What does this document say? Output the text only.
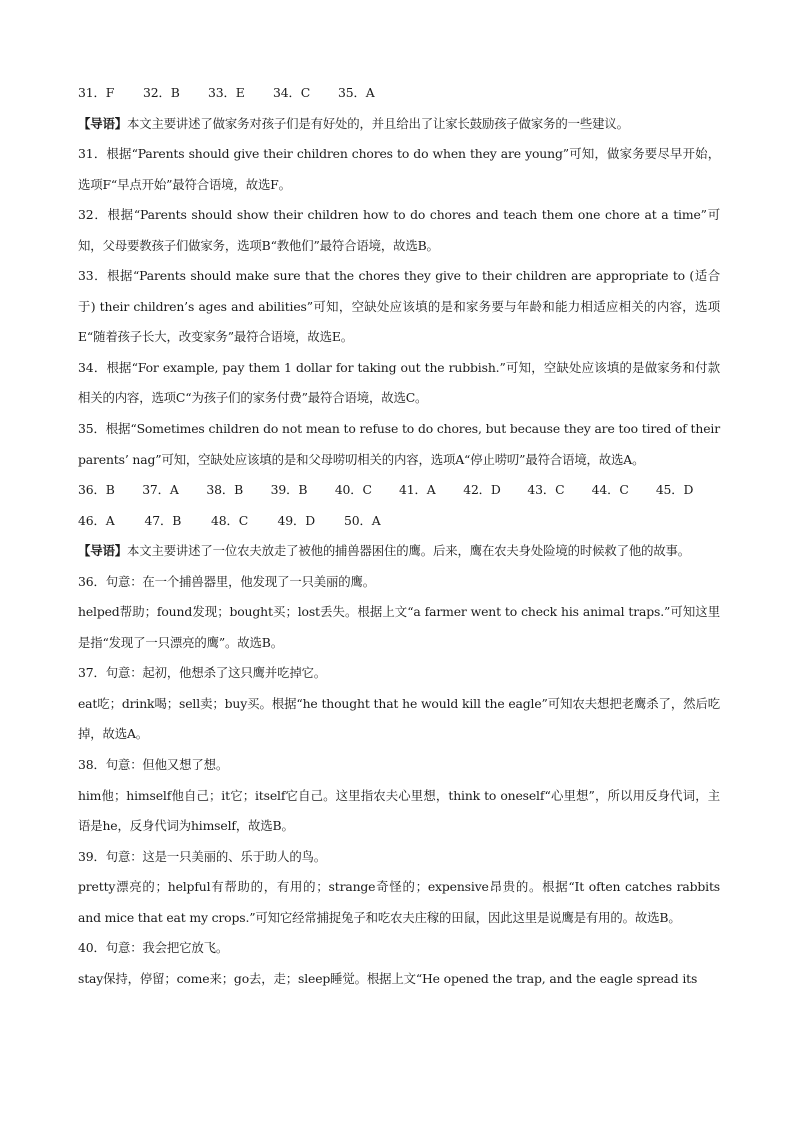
31．F	32．B	33．E	34．C	35．A
【导语】本文主要讲述了做家务对孩子们是有好处的，并且给出了让家长鼓励孩子做家务的一些建议。
31．根据“Parents should give their children chores to do when they are young”可知，做家务要尽早开始，选项F“早点开始”最符合语境，故选F。
32．根据“Parents should show their children how to do chores and teach them one chore at a time”可知，父母要教孩子们做家务，选项B“教他们”最符合语境，故选B。
33．根据“Parents should make sure that the chores they give to their children are appropriate to (适合于) their children’s ages and abilities”可知，空缺处应该填的是和家务要与年龄和能力相适应相关的内容，选项E“随着孩子长大，改变家务”最符合语境，故选E。
34．根据“For example, pay them 1 dollar for taking out the rubbish.”可知，空缺处应该填的是做家务和付款相关的内容，选项C“为孩子们的家务付费”最符合语境，故选C。
35．根据“Sometimes children do not mean to refuse to do chores, but because they are too tired of their parents’ nag”可知，空缺处应该填的是和父母唠叨相关的内容，选项A“停止唠叨”最符合语境，故选A。
36．B	37．A	38．B	39．B	40．C	41．A	42．D	43．C	44．C	45．D
46．A	47．B	48．C	49．D	50．A
【导语】本文主要讲述了一位农夫放走了被他的捕兽器困住的鹰。后来，鹰在农夫身处险境的时候救了他的故事。
36．句意：在一个捕兽器里，他发现了一只美丽的鹰。
helped帮助；found发现；bought买；lost丢失。根据上文“a farmer went to check his animal traps.”可知这里是指“发现了一只漂亮的鹰”。故选B。
37．句意：起初，他想杀了这只鹰并吃掉它。
eat吃；drink喝；sell卖；buy买。根据“he thought that he would kill the eagle”可知农夫想把老鹰杀了，然后吃掉，故选A。
38．句意：但他又想了想。
him他；himself他自己；it它；itself它自己。这里指农夫心里想，think to oneself“心里想”，所以用反身代词，主语是he，反身代词为himself，故选B。
39．句意：这是一只美丽的、乐于助人的鸟。
pretty漂亮的；helpful有帮助的，有用的；strange奇怪的；expensive昂贵的。根据“It often catches rabbits and mice that eat my crops.”可知它经常捕捉兔子和吃农夫庄稼的田鼠，因此这里是说鹰是有用的。故选B。
40．句意：我会把它放飞。
stay保持，停留；come来；go去，走；sleep睡觉。根据上文“He opened the trap, and the eagle spread its
